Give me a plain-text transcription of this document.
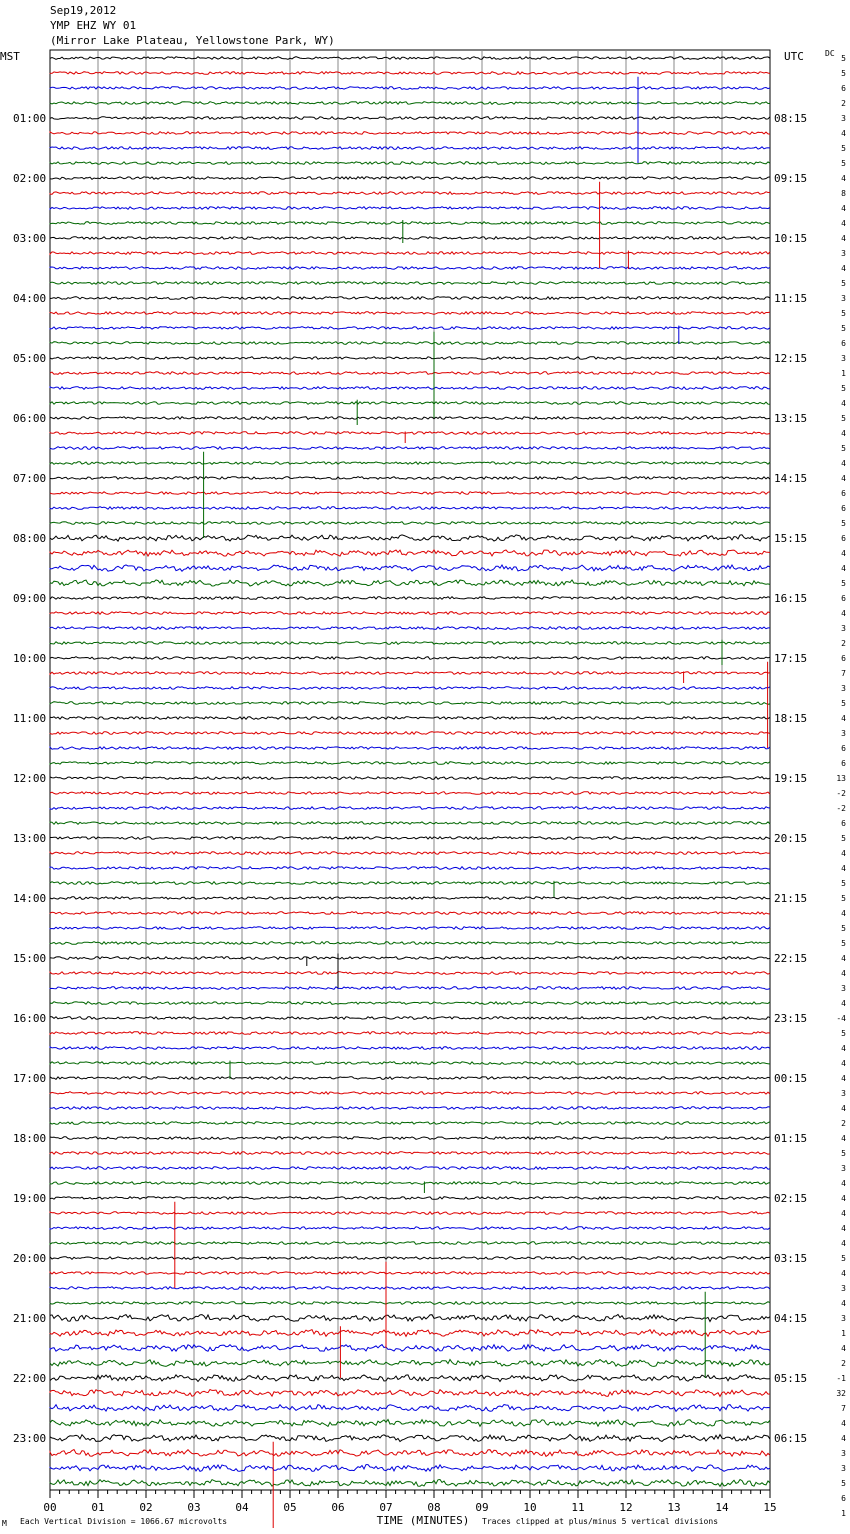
Sep19,2012
YMP EHZ WY 01
(Mirror Lake Plateau, Yellowstone Park, WY)
MST	UTC	DC
01:00
02:00
03:00
04:00
05:00
06:00
07:00
08:00
09:00
10:00
11:00
12:00
13:00
14:00
15:00
16:00
17:00
18:00
19:00
20:00
21:00
22:00
23:00
08:15
09:15
10:15
11:15
12:15
13:15
14:15
15:15
16:15
17:15
18:15
19:15
20:15
21:15
22:15
23:15
00:15
01:15
02:15
03:15
04:15
05:15
06:15
5
5
6
2
3
4
5
5
4
8
4
4
4
3
4
5
3
5
5
6
3
1
5
4
5
4
5
4
4
6
6
5
6
4
4
5
6
4
3
2
6
7
3
5
4
3
6
6
13
-2
-2
6
5
4
4
5
5
4
5
5
4
4
3
4
-4
5
4
4
4
3
4
2
4
5
3
4
4
4
4
4
5
4
3
4
3
1
4
2
-1
32
7
4
4
3
3
5
6
1
00	01	02	03	04	05	06	07	08	09	10	11	12	13	14	15
Each Vertical Division = 1066.67 microvolts	TIME (MINUTES) Traces clipped at plus/minus 5 vertical divisions
Μ
